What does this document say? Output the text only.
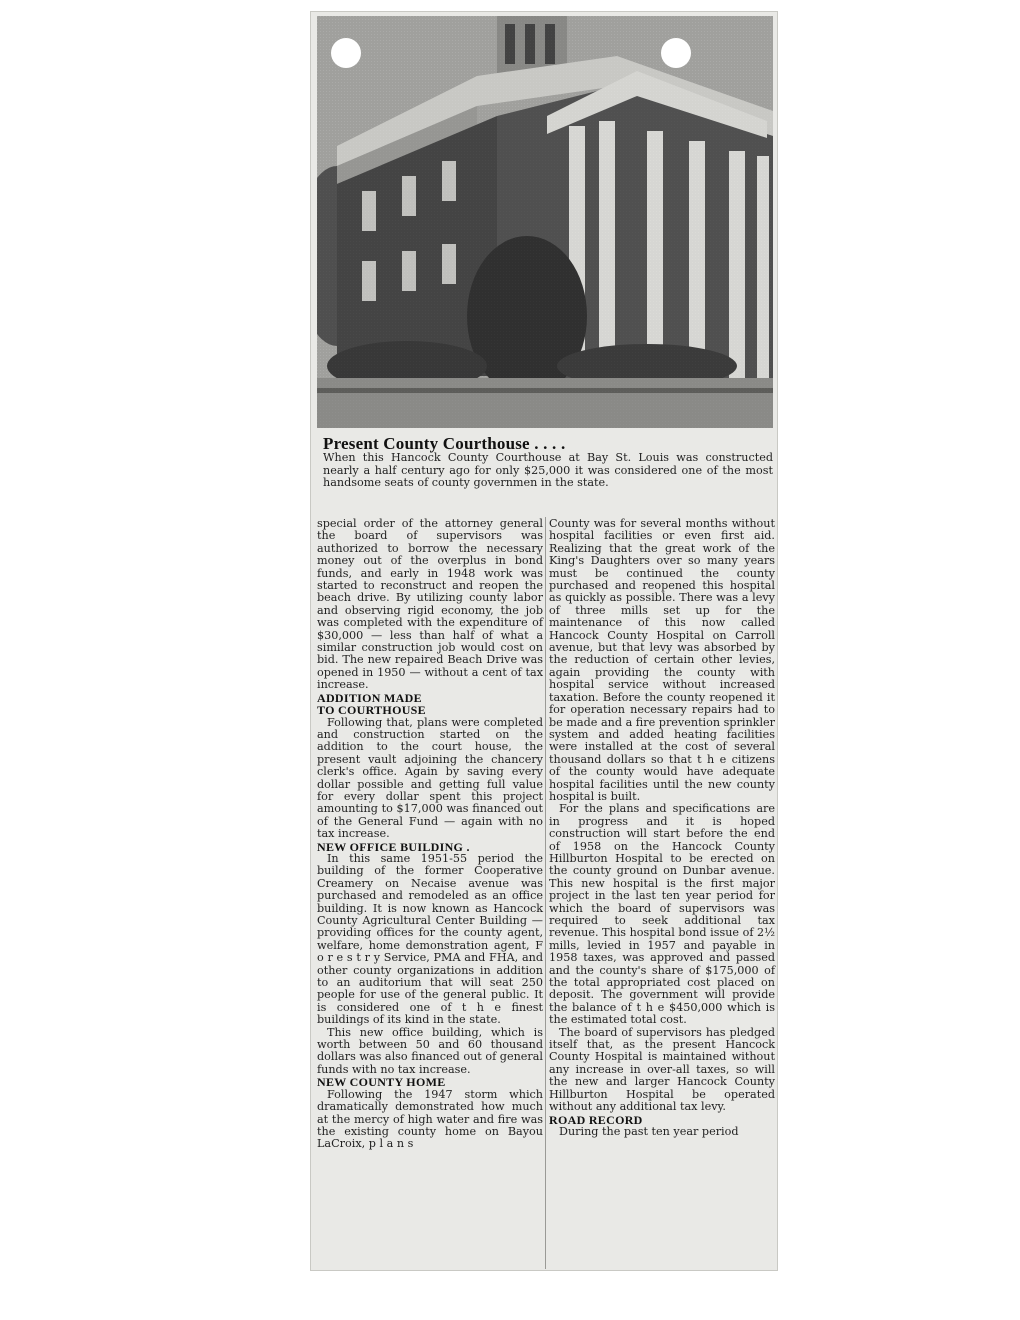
Present County Courthouse . . . .

When this Hancock County Courthouse at Bay St. Louis was constructed nearly a half century ago for only $25,000 it was considered one of the most handsome seats of county governmen in the state.

special order of the attorney general the board of supervisors was authorized to borrow the necessary money out of the overplus in bond funds, and early in 1948 work was started to reconstruct and reopen the beach drive. By utilizing county labor and observing rigid economy, the job was completed with the expenditure of $30,000 — less than half of what a similar construction job would cost on bid. The new repaired Beach Drive was opened in 1950 — without a cent of tax increase.

ADDITION MADE
TO COURTHOUSE

Following that, plans were completed and construction started on the addition to the court house, the present vault adjoining the chancery clerk's office. Again by saving every dollar possible and getting full value for every dollar spent this project amounting to $17,000 was financed out of the General Fund — again with no tax increase.

NEW OFFICE BUILDING .

In this same 1951-55 period the building of the former Cooperative Creamery on Necaise avenue was purchased and remodeled as an office building. It is now known as Hancock County Agricultural Center Building — providing offices for the county agent, welfare, home demonstration agent, F o r e s t r y Service, PMA and FHA, and other county organizations in addition to an auditorium that will seat 250 people for use of the general public. It is considered one of t h e finest buildings of its kind in the state.

This new office building, which is worth between 50 and 60 thousand dollars was also financed out of general funds with no tax increase.

NEW COUNTY HOME

Following the 1947 storm which dramatically demonstrated how much at the mercy of high water and fire was the existing county home on Bayou LaCroix, p l a n s

County was for several months without hospital facilities or even first aid. Realizing that the great work of the King's Daughters over so many years must be continued the county purchased and reopened this hospital as quickly as possible. There was a levy of three mills set up for the maintenance of this now called Hancock County Hospital on Carroll avenue, but that levy was absorbed by the reduction of certain other levies, again providing the county with hospital service without increased taxation. Before the county reopened it for operation necessary repairs had to be made and a fire prevention sprinkler system and added heating facilities were installed at the cost of several thousand dollars so that t h e citizens of the county would have adequate hospital facilities until the new county hospital is built.

For the plans and specifications are in progress and it is hoped construction will start before the end of 1958 on the Hancock County Hillburton Hospital to be erected on the county ground on Dunbar avenue. This new hospital is the first major project in the last ten year period for which the board of supervisors was required to seek additional tax revenue. This hospital bond issue of 2½ mills, levied in 1957 and payable in 1958 taxes, was approved and passed and the county's share of $175,000 of the total appropriated cost placed on deposit. The government will provide the balance of t h e $450,000 which is the estimated total cost.

The board of supervisors has pledged itself that, as the present Hancock County Hospital is maintained without any increase in over-all taxes, so will the new and larger Hancock County Hillburton Hospital be operated without any additional tax levy.

ROAD RECORD

During the past ten year period
